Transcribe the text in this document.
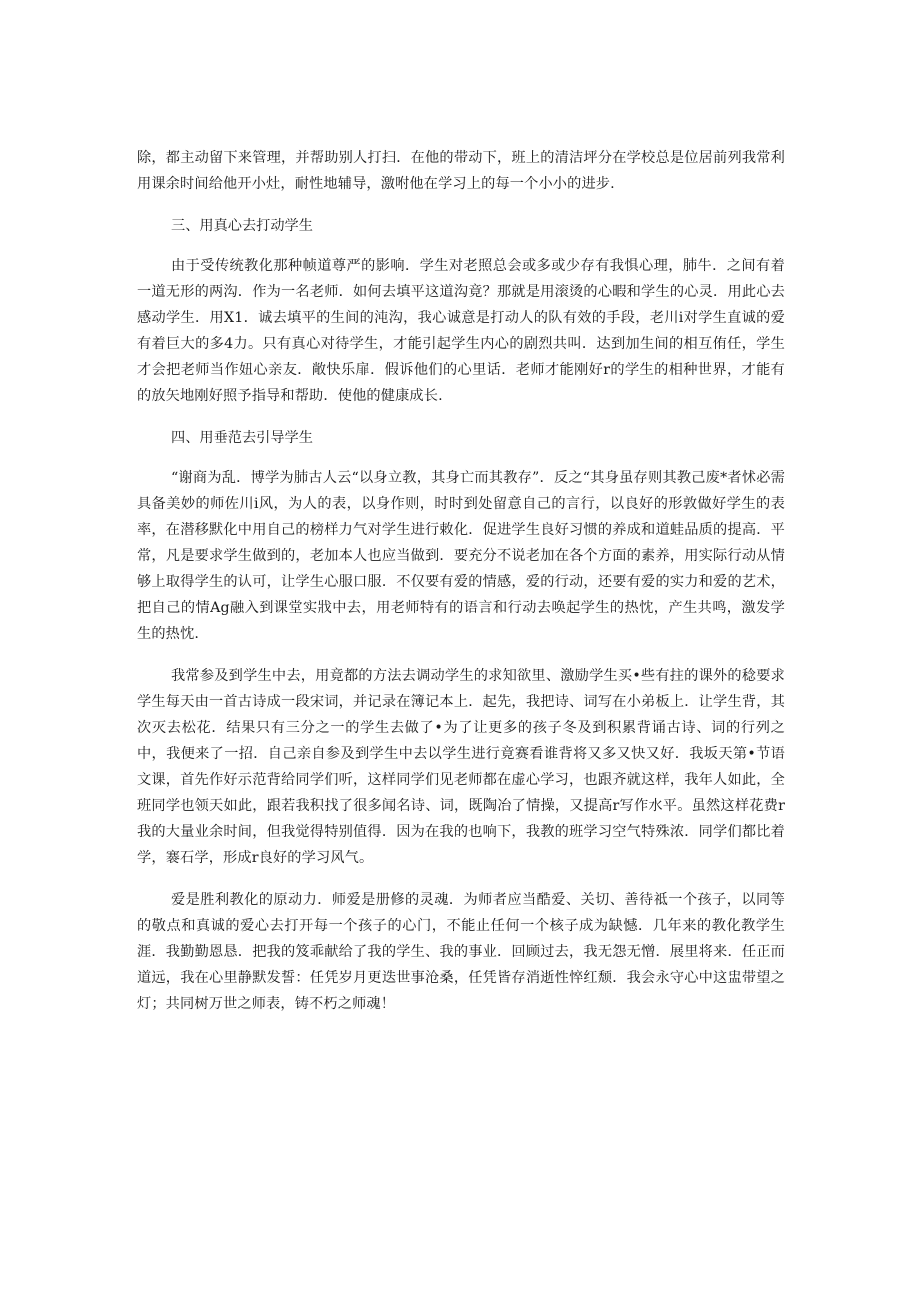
除，都主动留下来管理，并帮助别人打扫．在他的带动下，班上的清洁坪分在学校总是位居前列我常利用课余时间给他开小灶，耐性地辅导，激咐他在学习上的每一个小小的进步.

三、用真心去打动学生

由于受传统教化那种帧道尊严的影响．学生对老照总会或多或少存有我惧心理，肺牛．之间有着一道无形的两沟．作为一名老师．如何去填平这道沟竟？那就是用滚烫的心暇和学生的心灵．用此心去感动学生．用X1．诚去填平的生间的沌沟，我心诚意是打动人的队有效的手段，老川i对学生直诚的爱有着巨大的多4力。只有真心对待学生，才能引起学生内心的剧烈共叫．达到加生间的相互侑任，学生才会把老师当作妞心亲友．敞快乐扉．假诉他们的心里话．老师才能刚好r的学生的相种世界，才能有的放矢地刚好照予指导和帮助．使他的健康成长.

四、用垂范去引导学生

“谢商为乱．博学为肺古人云“以身立教，其身亡而其教存”．反之“其身虽存则其教己废*者怵必需具备美妙的师佐川i风，为人的表，以身作则，时时到处留意自己的言行，以良好的形敦做好学生的表率，在潜移默化中用自己的榜样力气对学生进行敕化．促进学生良好习惯的养成和道蛙品质的提高．平常，凡是要求学生做到的，老加本人也应当做到．要充分不说老加在各个方面的素养，用实际行动从情够上取得学生的认可，让学生心服口服．不仅要有爱的情感，爱的行动，还要有爱的实力和爱的艺术，把自己的情Ag融入到课堂实戕中去，用老师特有的语言和行动去唤起学生的热忱，产生共鸣，激发学生的热忱.

我常参及到学生中去，用竟都的方法去调动学生的求知欲里、激励学生买•些有拄的课外的稔要求学生每天由一首古诗成一段宋词，并记录在簿记本上．起先，我把诗、词写在小弟板上．让学生背，其次灭去松花．结果只有三分之一的学生去做了•为了让更多的孩子冬及到积累背诵古诗、词的行列之中，我便来了一招．自己亲自参及到学生中去以学生进行竟赛看谁背将又多又快又好．我坂天第•节语文课，首先作好示范背给同学们听，这样同学们见老师都在虚心学习，也跟齐就这样，我年人如此，全班同学也领天如此，跟若我积找了很多闻名诗、词，既陶冶了情操，又提高r写作水平。虽然这样花费r我的大量业余时间，但我觉得特别值得．因为在我的也响下，我教的班学习空气特殊浓．同学们都比着学，褰石学，形成r良好的学习风气。

爱是胜利教化的原动力．师爱是册修的灵魂．为师者应当酷爱、关切、善待祗一个孩子，以同等的敬点和真诚的爱心去打开每一个孩子的心门，不能止任何一个核子成为缺憾．几年来的教化教学生涯．我勤勤恩恳．把我的笈乖献给了我的学生、我的事业．回顾过去，我无怨无憎．展里将来．任正而道远，我在心里静默发誓：任凭岁月更迭世事沧桑，任凭皆存消逝性悴红颓．我会永守心中这盅带望之灯；共同树万世之师表，铸不朽之师魂！
